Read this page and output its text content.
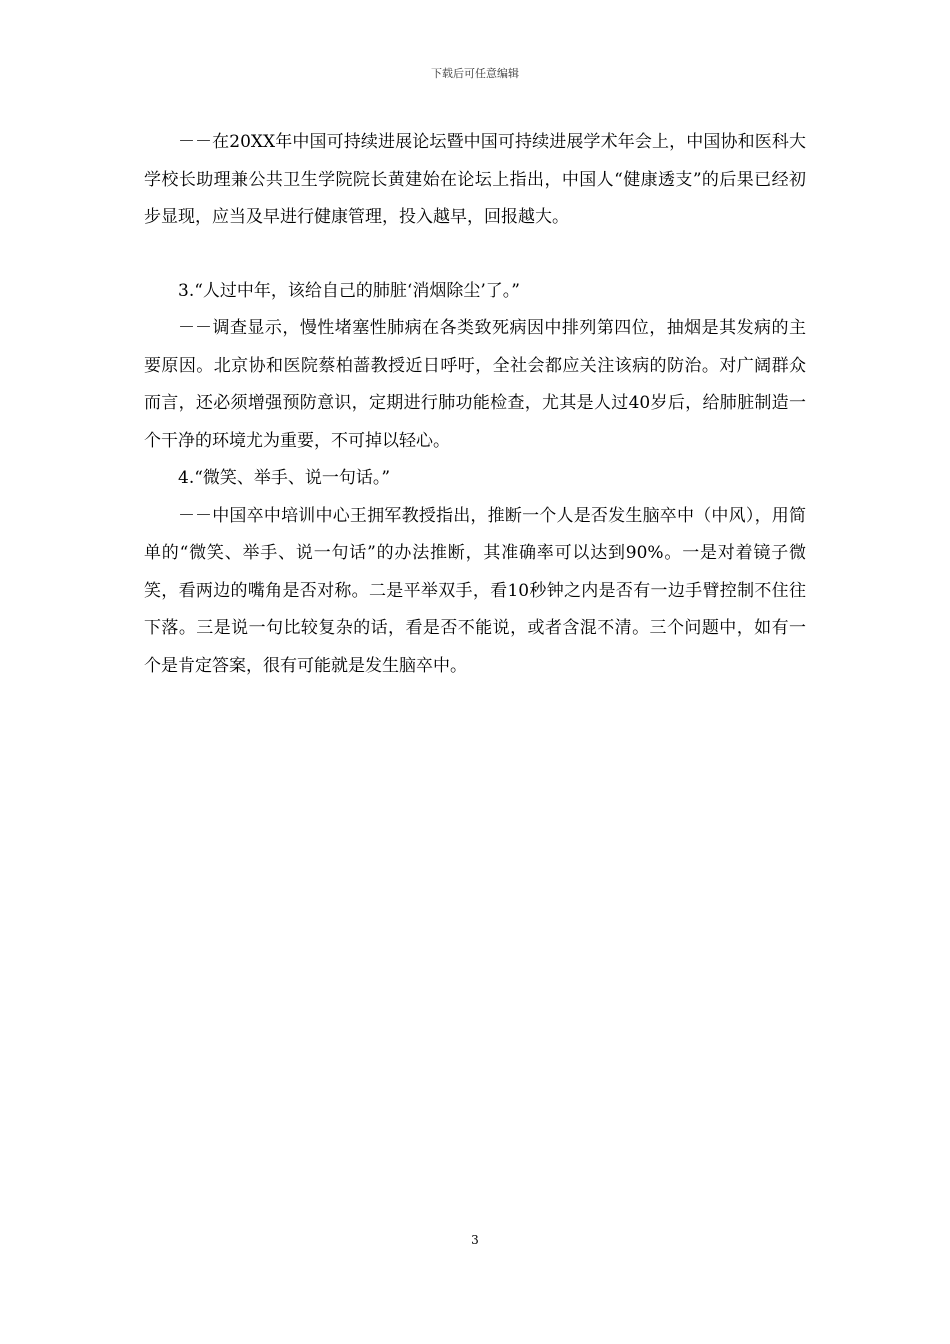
下载后可任意编辑

－－在20XX年中国可持续进展论坛暨中国可持续进展学术年会上，中国协和医科大学校长助理兼公共卫生学院院长黄建始在论坛上指出，中国人“健康透支”的后果已经初步显现，应当及早进行健康管理，投入越早，回报越大。

3.“人过中年，该给自己的肺脏‘消烟除尘’了。”

－－调查显示，慢性堵塞性肺病在各类致死病因中排列第四位，抽烟是其发病的主要原因。北京协和医院蔡柏蔷教授近日呼吁，全社会都应关注该病的防治。对广阔群众而言，还必须增强预防意识，定期进行肺功能检查，尤其是人过40岁后，给肺脏制造一个干净的环境尤为重要，不可掉以轻心。

4.“微笑、举手、说一句话。”

－－中国卒中培训中心王拥军教授指出，推断一个人是否发生脑卒中（中风），用简单的“微笑、举手、说一句话”的办法推断，其准确率可以达到90%。一是对着镜子微笑，看两边的嘴角是否对称。二是平举双手，看10秒钟之内是否有一边手臂控制不住往下落。三是说一句比较复杂的话，看是否不能说，或者含混不清。三个问题中，如有一个是肯定答案，很有可能就是发生脑卒中。

3
